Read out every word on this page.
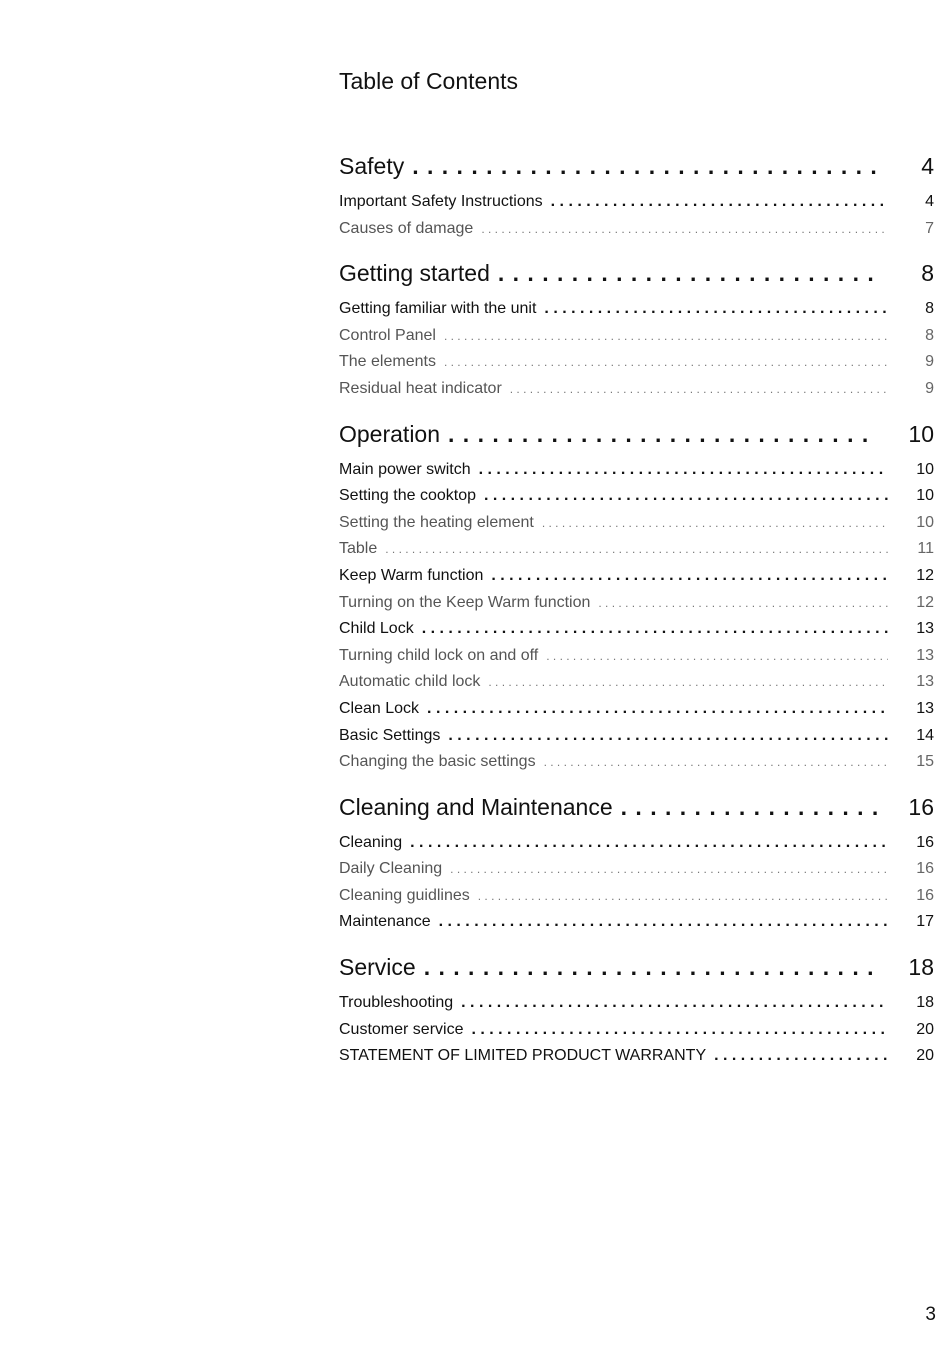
Table of Contents
Safety . . .	4
Important Safety Instructions . . .	4
Causes of damage . . .	7
Getting started . . .	8
Getting familiar with the unit . . .	8
Control Panel . . .	8
The elements . . .	9
Residual heat indicator . . .	9
Operation . . .	10
Main power switch . . .	10
Setting the cooktop . . .	10
Setting the heating element . . .	10
Table . . .	11
Keep Warm function . . .	12
Turning on the Keep Warm function . . .	12
Child Lock . . .	13
Turning child lock on and off . . .	13
Automatic child lock . . .	13
Clean Lock . . .	13
Basic Settings . . .	14
Changing the basic settings . . .	15
Cleaning and Maintenance . . .	16
Cleaning . . .	16
Daily Cleaning . . .	16
Cleaning guidlines . . .	16
Maintenance . . .	17
Service . . .	18
Troubleshooting . . .	18
Customer service . . .	20
STATEMENT OF LIMITED PRODUCT WARRANTY . . .	20
3
